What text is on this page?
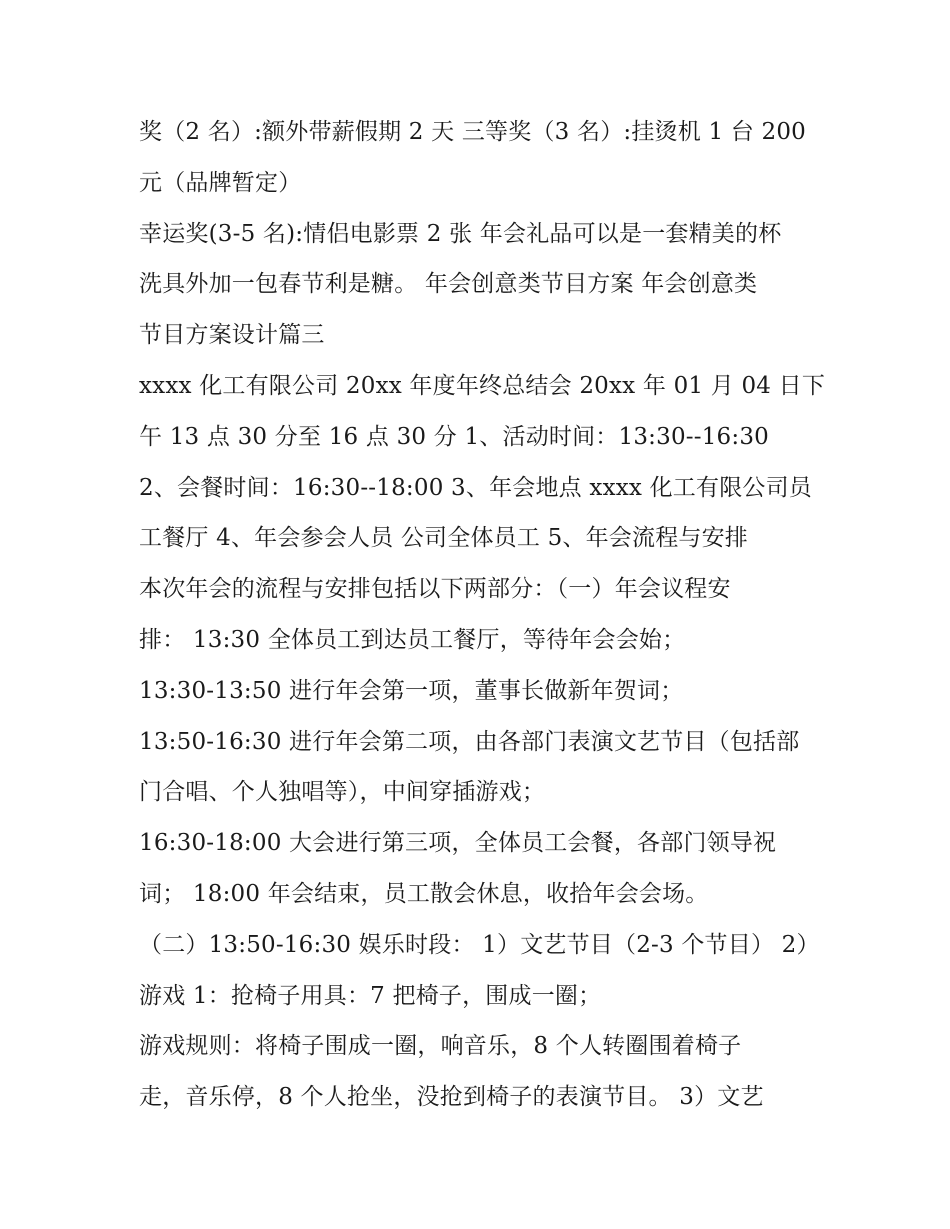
奖（2 名）:额外带薪假期 2 天 三等奖（3 名）:挂烫机 1 台 200
元（品牌暂定）
幸运奖(3-5 名):情侣电影票 2 张 年会礼品可以是一套精美的杯
洗具外加一包春节利是糖。 年会创意类节目方案 年会创意类
节目方案设计篇三
xxxx 化工有限公司 20xx 年度年终总结会 20xx 年 01 月 04 日下
午 13 点 30 分至 16 点 30 分 1、活动时间：13:30--16:30
2、会餐时间：16:30--18:00 3、年会地点 xxxx 化工有限公司员
工餐厅 4、年会参会人员 公司全体员工 5、年会流程与安排
本次年会的流程与安排包括以下两部分：（一）年会议程安
排： 13:30 全体员工到达员工餐厅，等待年会会始；
13:30-13:50 进行年会第一项，董事长做新年贺词；
13:50-16:30 进行年会第二项，由各部门表演文艺节目（包括部
门合唱、个人独唱等），中间穿插游戏；
16:30-18:00 大会进行第三项，全体员工会餐，各部门领导祝
词； 18:00 年会结束，员工散会休息，收拾年会会场。
（二）13:50-16:30 娱乐时段： 1）文艺节目（2-3 个节目） 2）
游戏 1：抢椅子用具：7 把椅子，围成一圈；
游戏规则：将椅子围成一圈，响音乐，8 个人转圈围着椅子
走，音乐停，8 个人抢坐，没抢到椅子的表演节目。 3）文艺
